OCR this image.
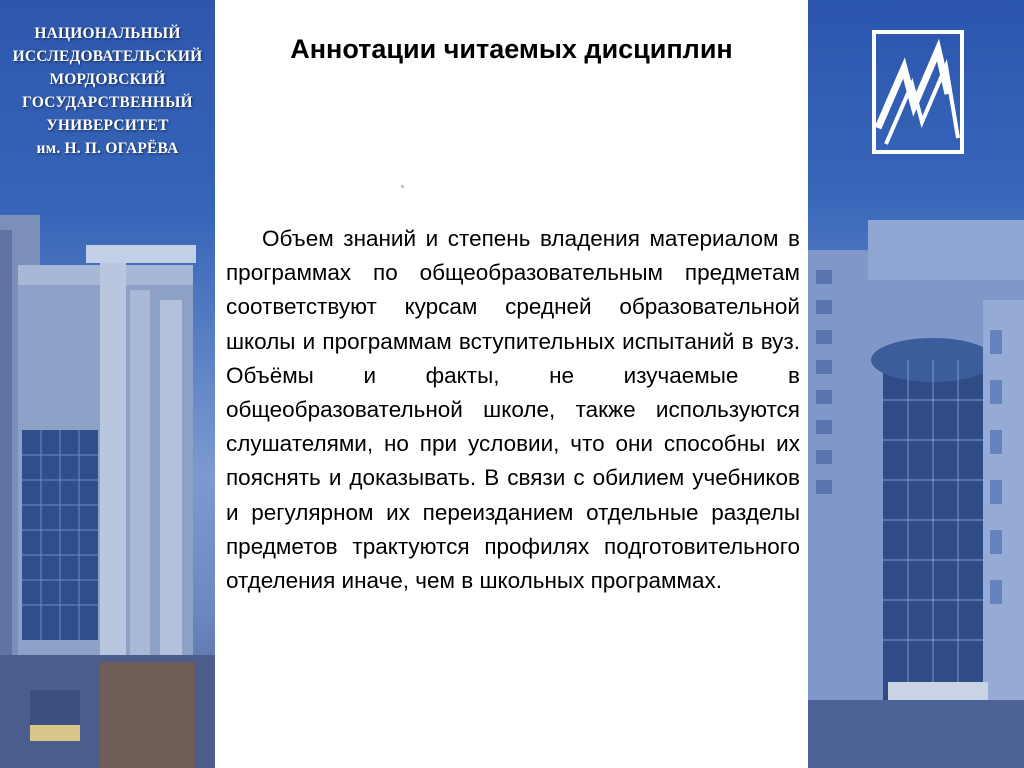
НАЦИОНАЛЬНЫЙ
ИССЛЕДОВАТЕЛЬСКИЙ
МОРДОВСКИЙ
ГОСУДАРСТВЕННЫЙ
УНИВЕРСИТЕТ
им. Н. П. ОГАРЁВА
Аннотации читаемых дисциплин
Объем знаний и степень владения материалом в программах по общеобразовательным предметам соответствуют курсам средней образовательной школы и программам вступительных испытаний в вуз. Объёмы и факты, не изучаемые в общеобразовательной школе, также используются слушателями, но при условии, что они способны их пояснять и доказывать. В связи с обилием учебников и регулярном их переизданием отдельные разделы предметов трактуются профилях подготовительного отделения иначе, чем в школьных программах.
